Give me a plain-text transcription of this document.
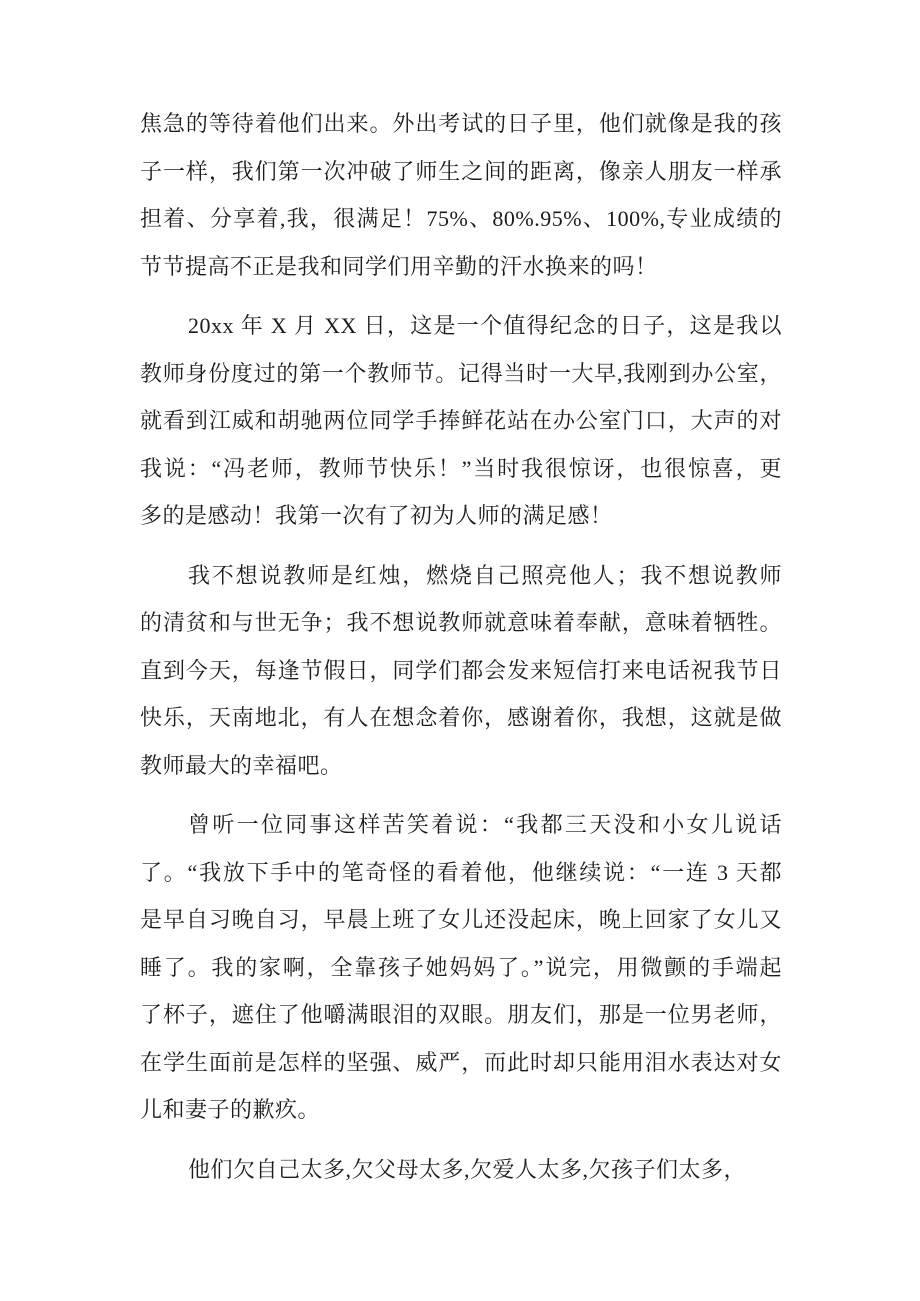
焦急的等待着他们出来。外出考试的日子里，他们就像是我的孩
子一样，我们第一次冲破了师生之间的距离，像亲人朋友一样承
担着、分享着,我，很满足！75%、80%.95%、100%,专业成绩的
节节提高不正是我和同学们用辛勤的汗水换来的吗！
20xx 年 X 月 XX 日，这是一个值得纪念的日子，这是我以
教师身份度过的第一个教师节。记得当时一大早,我刚到办公室，
就看到江威和胡驰两位同学手捧鲜花站在办公室门口，大声的对
我说：“冯老师，教师节快乐！”当时我很惊讶，也很惊喜，更
多的是感动！我第一次有了初为人师的满足感！
我不想说教师是红烛，燃烧自己照亮他人；我不想说教师
的清贫和与世无争；我不想说教师就意味着奉献，意味着牺牲。
直到今天，每逢节假日，同学们都会发来短信打来电话祝我节日
快乐，天南地北，有人在想念着你，感谢着你，我想，这就是做
教师最大的幸福吧。
曾听一位同事这样苦笑着说：“我都三天没和小女儿说话
了。“我放下手中的笔奇怪的看着他，他继续说：“一连 3 天都
是早自习晚自习，早晨上班了女儿还没起床，晚上回家了女儿又
睡了。我的家啊，全靠孩子她妈妈了。”说完，用微颤的手端起
了杯子，遮住了他嚼满眼泪的双眼。朋友们，那是一位男老师，
在学生面前是怎样的坚强、威严，而此时却只能用泪水表达对女
儿和妻子的歉疚。
他们欠自己太多,欠父母太多,欠爱人太多,欠孩子们太多，
